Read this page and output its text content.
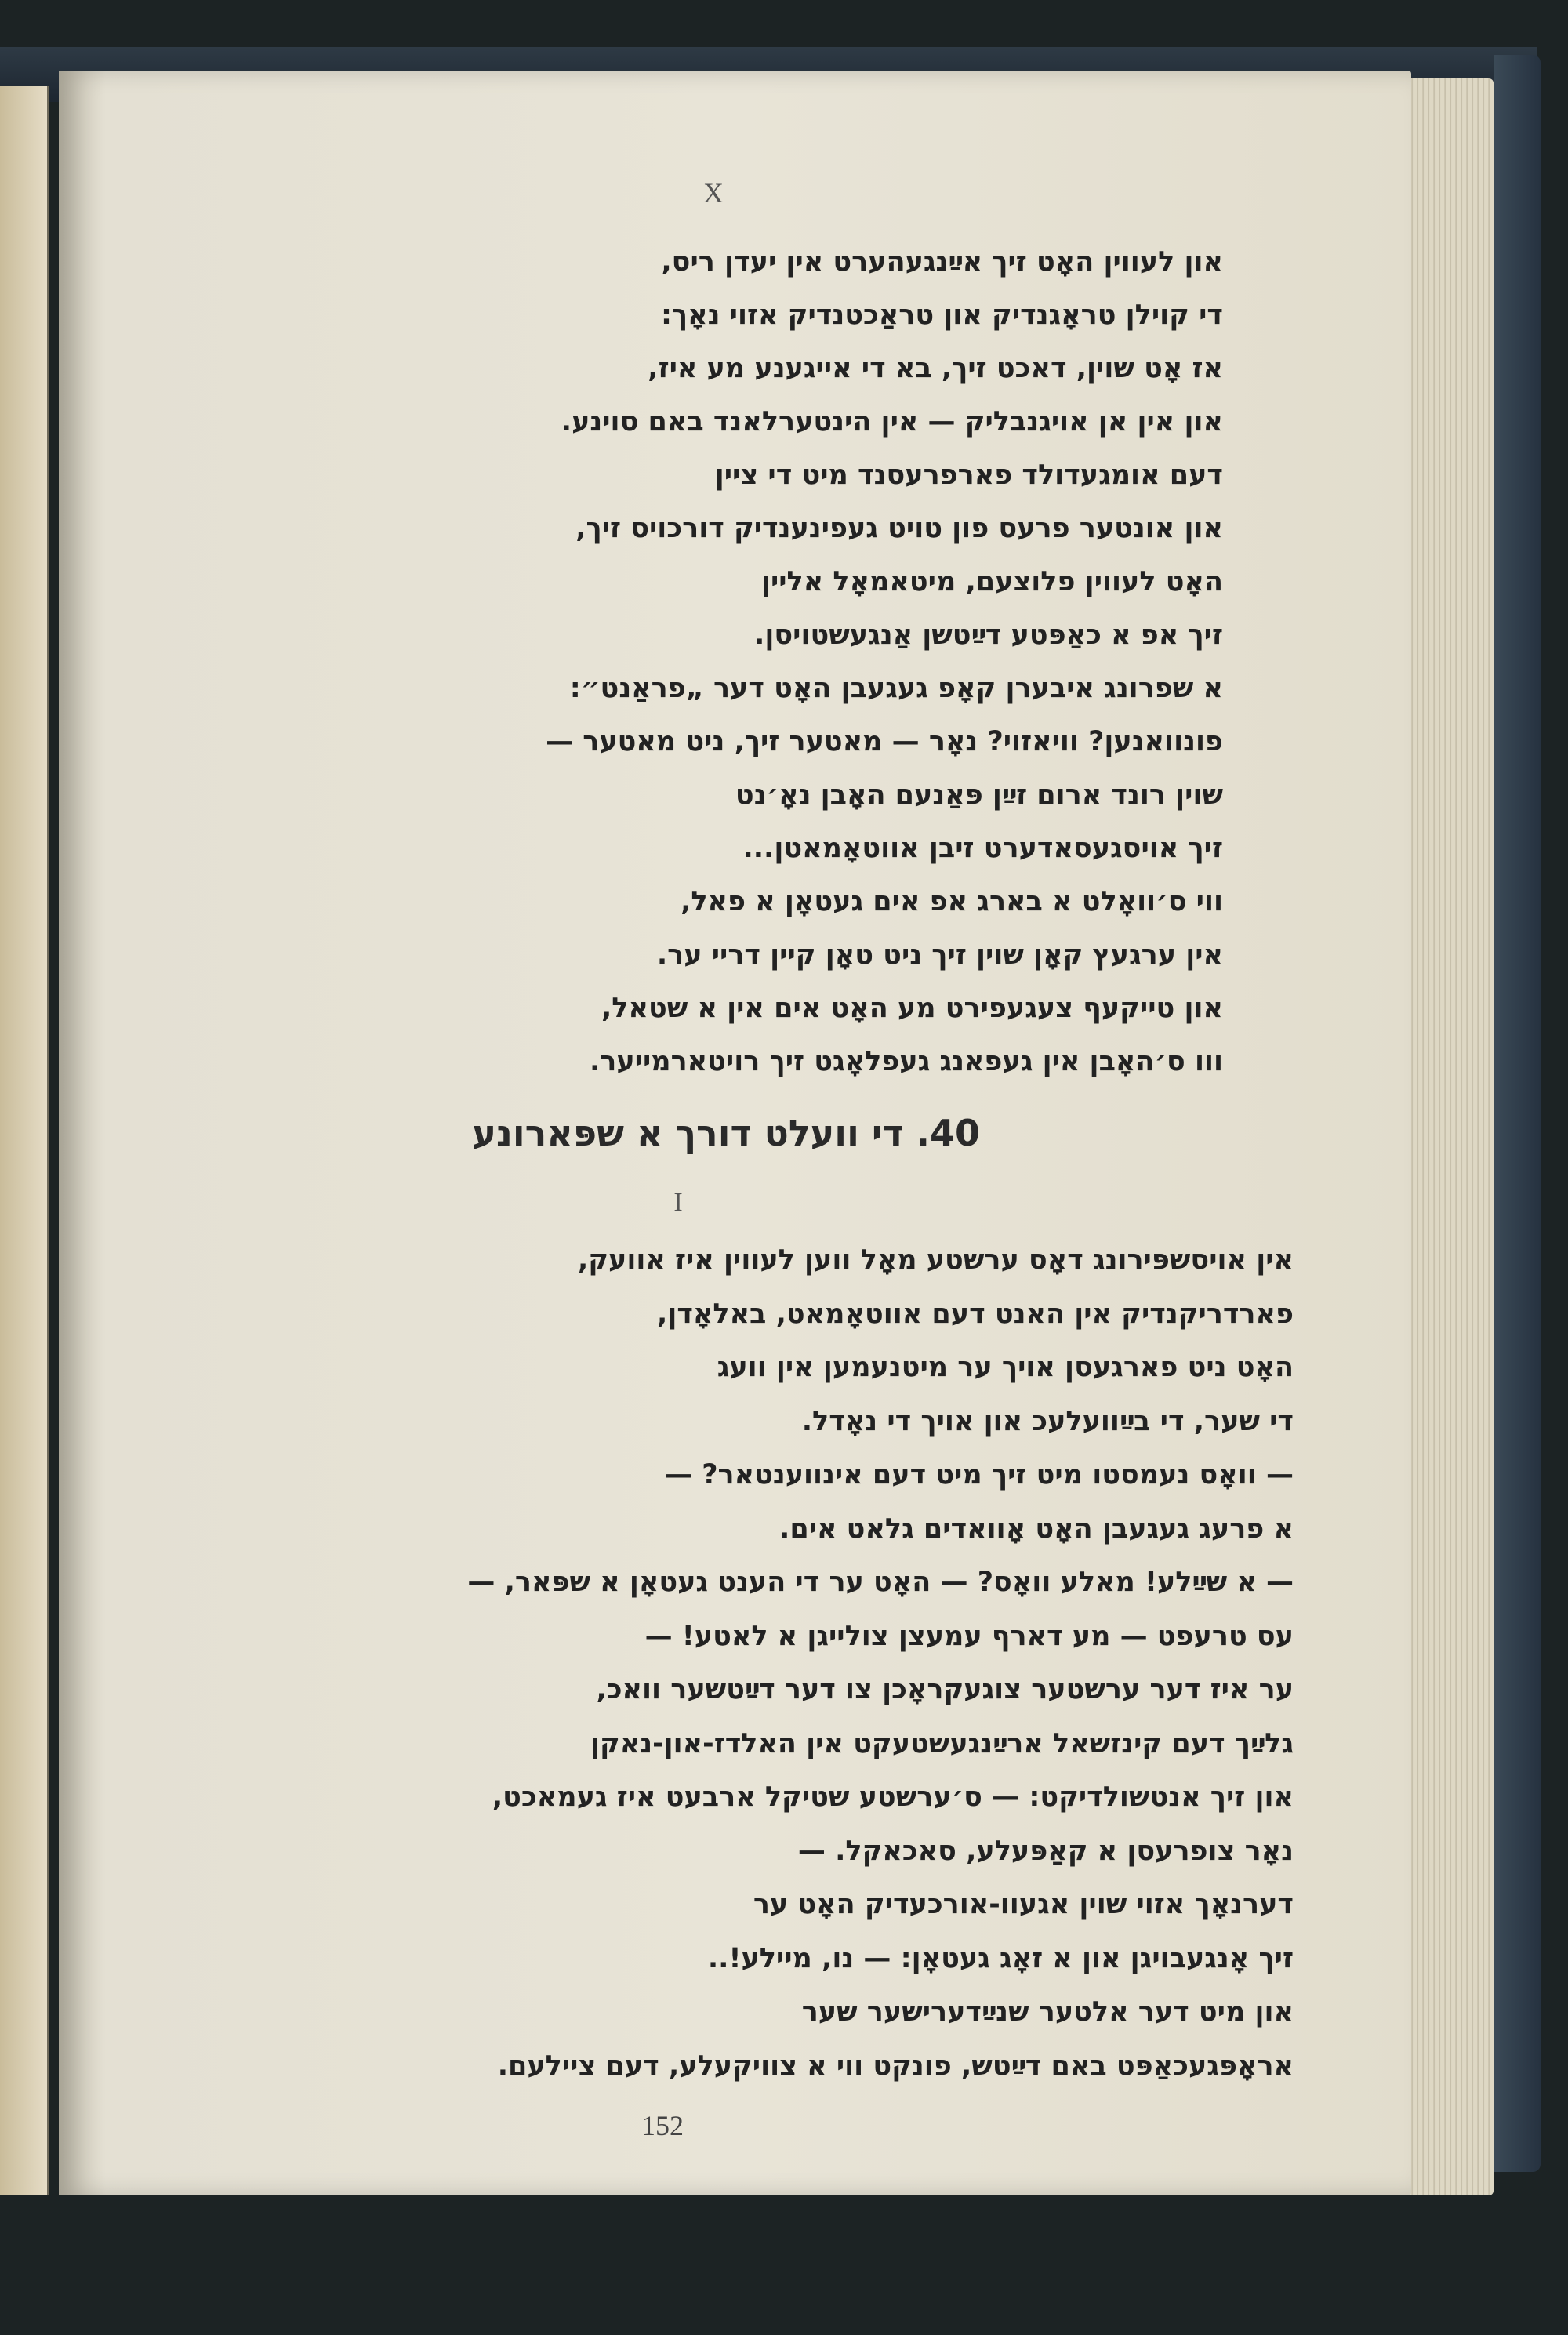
X

און לעווין האָט זיך אײַנגעהערט אין יעדן ריס,

די קוילן טראָגנדיק און טראַכטנדיק אזוי נאָך:

אז אָט שוין, דאכט זיך, בא די אייגענע מע איז,

און אין אן אויגנבליק — אין הינטערלאנד באם סוינע.

דעם אומגעדולד פארפרעסנד מיט די ציין

און אונטער פרעס פון טויט געפינענדיק דורכויס זיך,

האָט לעווין פלוצעם, מיטאמאָל אליין

זיך אפ א כאַפּטע דײַטשן אַנגעשטויסן.

א שפרונג איבערן קאָפ געגעבן האָט דער „פראַנט״:

פונוואנען? וויאזוי? נאָר — מאטער זיך, ניט מאטער —

שוין רונד ארום זײַן פּאַנעם האָבן נאָ׳נט

זיך אויסגעסאדערט זיבן אווטאָמאטן...

ווי ס׳וואָלט א בארג אפ אים געטאָן א פאל,

אין ערגעץ קאָן שוין זיך ניט טאָן קיין דריי ער.

און טייקעף צעגעפירט מע האָט אים אין א שטאל,

ווו ס׳האָבן אין געפאנג געפלאָגט זיך רויטארמייער.

40. די וועלט דורך א שפּארונע
I

אין אויסשפּירונג דאָס ערשטע מאָל ווען לעווין איז אוועק,

פארדריקנדיק אין האנט דעם אווטאָמאט, באלאָדן,

האָט ניט פארגעסן אויך ער מיטנעמען אין וועג

די שער, די בײַוועלעכ און אויך די נאָדל.

— וואָס נעמסטו מיט זיך מיט דעם אינווענטאר? —

א פרעג געגעבן האָט אָוואדים גלאט אים.

— א שײַלע! מאלע וואָס? — האָט ער די הענט געטאָן א שפּאר, —

עס טרעפט — מע דארף עמעצן צולייגן א לאטע! —

ער איז דער ערשטער צוגעקראָכן צו דער דײַטשער וואכ,

גלײַך דעם קינזשאל ארײַנגעשטעקט אין האלדז-און-נאקן

און זיך אנטשולדיקט: — ס׳ערשטע שטיקל ארבעט איז געמאכט,

נאָר צופרעסן א קאַפּעלע, סאכאקל. —

דערנאָך אזוי שוין אגעוו-אורכעדיק האָט ער

זיך אָנגעבויגן און א זאָג געטאָן: — נו, מיילע!..

און מיט דער אלטער שנײַדערישער שער

אראָפּגעכאַפּט באם דײַטש, פונקט ווי א צוויקעלע, דעם ציילעם.

152
